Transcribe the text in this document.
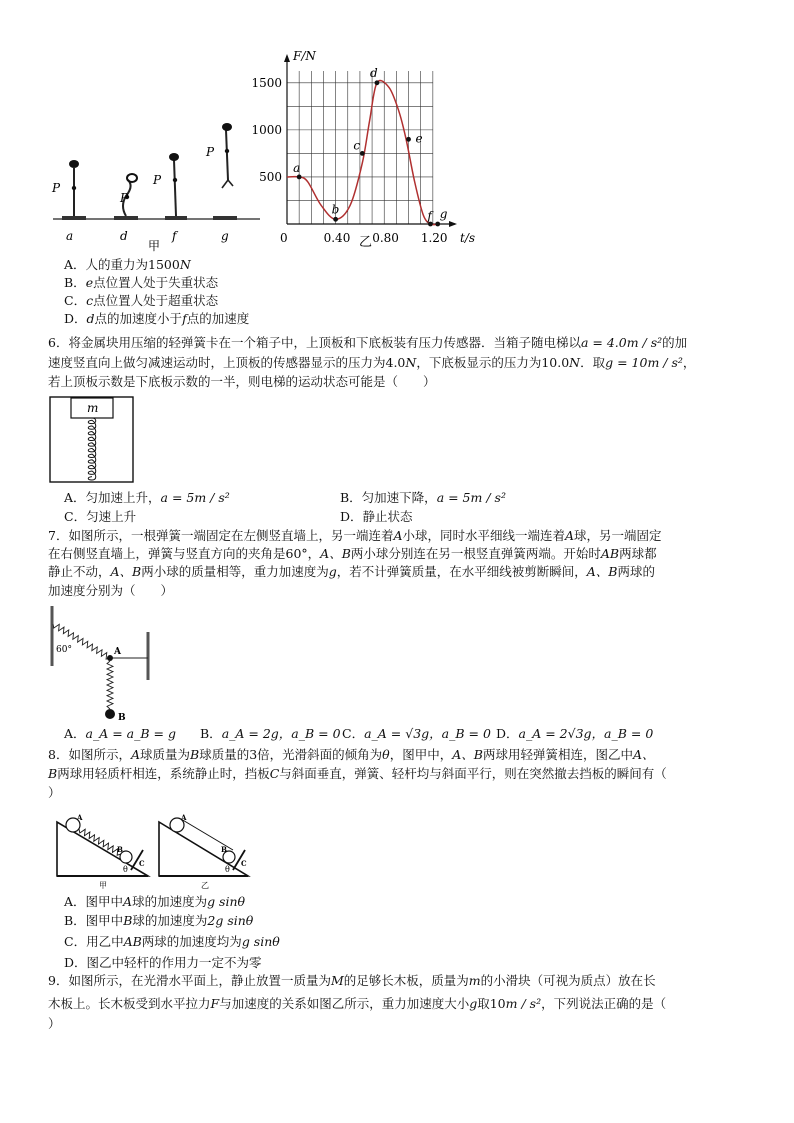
P
P
P
P
a	d	f	g
甲
0.40 0.80 1.20
500
1000
1500
a
b
c
d
e
f g
F/N
t/s
0	乙
A．人的重力为1500N
B．e点位置人处于失重状态
C．c点位置人处于超重状态
D．d点的加速度小于f点的加速度
6．将金属块用压缩的轻弹簧卡在一个箱子中，上顶板和下底板装有压力传感器．当箱子随电梯以a = 4.0m / s²的加
速度竖直向上做匀减速运动时，上顶板的传感器显示的压力为4.0N，下底板显示的压力为10.0N．取g = 10m / s²，
若上顶板示数是下底板示数的一半，则电梯的运动状态可能是（　　）
m
A．匀加速上升，a = 5m / s²	B．匀加速下降，a = 5m / s²
C．匀速上升	D．静止状态
7．如图所示，一根弹簧一端固定在左侧竖直墙上，另一端连着A小球，同时水平细线一端连着A球，另一端固定
在右侧竖直墙上，弹簧与竖直方向的夹角是60°，A、B两小球分别连在另一根竖直弹簧两端。开始时AB两球都
静止不动，A、B两小球的质量相等，重力加速度为g，若不计弹簧质量，在水平细线被剪断瞬间，A、B两球的
加速度分别为（　　）
60°	A
B
A．a_A = a_B = g B．a_A = 2g，a_B = 0 C．a_A = √3g，a_B = 0 D．a_A = 2√3g，a_B = 0
8．如图所示，A球质量为B球质量的3倍，光滑斜面的倾角为θ，图甲中，A、B两球用轻弹簧相连，图乙中A、
B两球用轻质杆相连，系统静止时，挡板C与斜面垂直，弹簧、轻杆均与斜面平行，则在突然撤去挡板的瞬间有（
）
A
B
C
θ
甲
A
B
C
θ
乙
A．图甲中A球的加速度为g sinθ
B．图甲中B球的加速度为2g sinθ
C．用乙中AB两球的加速度均为g sinθ
D．图乙中轻杆的作用力一定不为零
9．如图所示，在光滑水平面上，静止放置一质量为M的足够长木板，质量为m的小滑块（可视为质点）放在长
木板上。长木板受到水平拉力F与加速度的关系如图乙所示，重力加速度大小g取10m / s²，下列说法正确的是（
）
